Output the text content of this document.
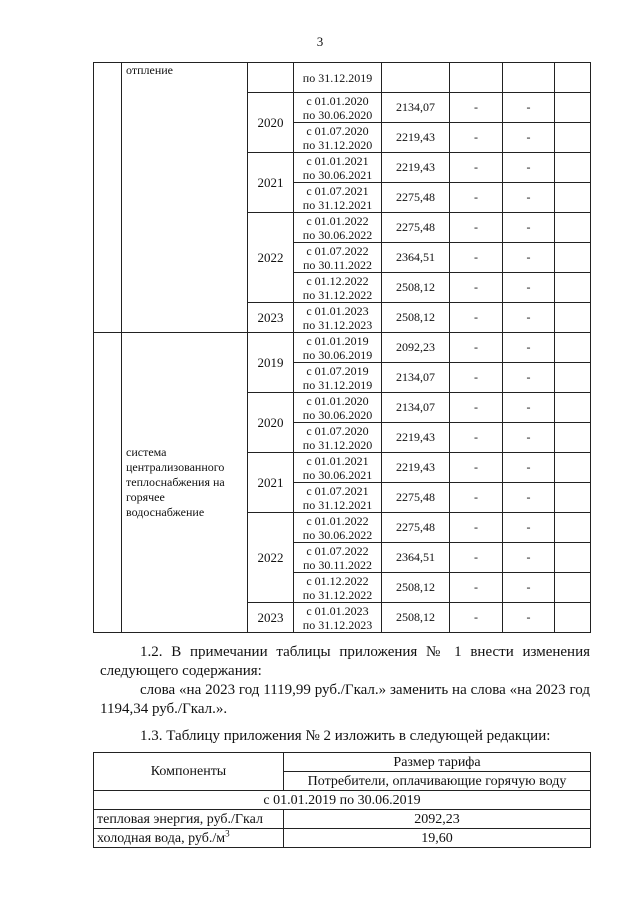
3
	отпление		по 31.12.2019				
		2020	с 01.01.2020
по 30.06.2020	2134,07	-	-	

			с 01.07.2020
по 31.12.2020	2219,43	-	-	
		2021	с 01.01.2021
по 30.06.2021	2219,43	-	-	

			с 01.07.2021
по 31.12.2021	2275,48	-	-	
		2022	с 01.01.2022
по 30.06.2022	2275,48	-	-	

			с 01.07.2022
по 30.11.2022	2364,51	-	-	

			с 01.12.2022
по 31.12.2022	2508,12	-	-	
		2023	с 01.01.2023
по 31.12.2023	2508,12	-	-	
	система централизованного теплоснабжения на горячее водоснабжение	2019	с 01.01.2019
по 30.06.2019	2092,23	-	-	

			с 01.07.2019
по 31.12.2019	2134,07	-	-	
		2020	с 01.01.2020
по 30.06.2020	2134,07	-	-	

			с 01.07.2020
по 31.12.2020	2219,43	-	-	
		2021	с 01.01.2021
по 30.06.2021	2219,43	-	-	

			с 01.07.2021
по 31.12.2021	2275,48	-	-	
		2022	с 01.01.2022
по 30.06.2022	2275,48	-	-	

			с 01.07.2022
по 30.11.2022	2364,51	-	-	

			с 01.12.2022
по 31.12.2022	2508,12	-	-	
		2023	с 01.01.2023
по 31.12.2023	2508,12	-	-	
1.2. В примечании таблицы приложения № 1 внести изменения следующего содержания:
слова «на 2023 год 1119,99 руб./Гкал.» заменить на слова «на 2023 год 1194,34 руб./Гкал.».
1.3. Таблицу приложения № 2 изложить в следующей редакции:
Компоненты	Размер тарифа
	Потребители, оплачивающие горячую воду
с 01.01.2019 по 30.06.2019	
тепловая энергия, руб./Гкал	2092,23
холодная вода, $руб./м^3$	19,60
